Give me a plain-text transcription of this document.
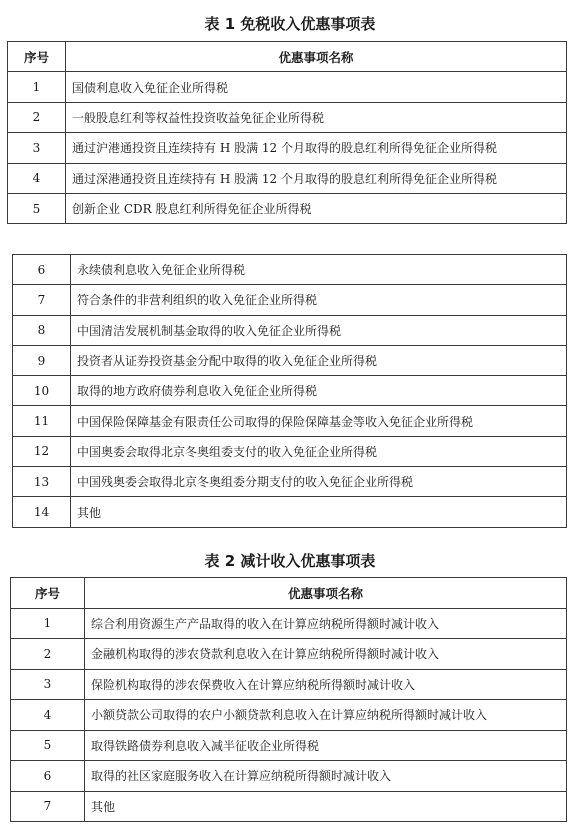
表 1 免税收入优惠事项表
序号	优惠事项名称
1	国债利息收入免征企业所得税
2	一般股息红利等权益性投资收益免征企业所得税
3	通过沪港通投资且连续持有 H 股满 12 个月取得的股息红利所得免征企业所得税
4	通过深港通投资且连续持有 H 股满 12 个月取得的股息红利所得免征企业所得税
5	创新企业 CDR 股息红利所得免征企业所得税
6	永续债利息收入免征企业所得税
7	符合条件的非营利组织的收入免征企业所得税
8	中国清洁发展机制基金取得的收入免征企业所得税
9	投资者从证券投资基金分配中取得的收入免征企业所得税
10	取得的地方政府债券利息收入免征企业所得税
11	中国保险保障基金有限责任公司取得的保险保障基金等收入免征企业所得税
12	中国奥委会取得北京冬奥组委支付的收入免征企业所得税
13	中国残奥委会取得北京冬奥组委分期支付的收入免征企业所得税
14	其他
表 2 减计收入优惠事项表
序号	优惠事项名称
1	综合利用资源生产产品取得的收入在计算应纳税所得额时减计收入
2	金融机构取得的涉农贷款利息收入在计算应纳税所得额时减计收入
3	保险机构取得的涉农保费收入在计算应纳税所得额时减计收入
4	小额贷款公司取得的农户小额贷款利息收入在计算应纳税所得额时减计收入
5	取得铁路债券利息收入减半征收企业所得税
6	取得的社区家庭服务收入在计算应纳税所得额时减计收入
7	其他
